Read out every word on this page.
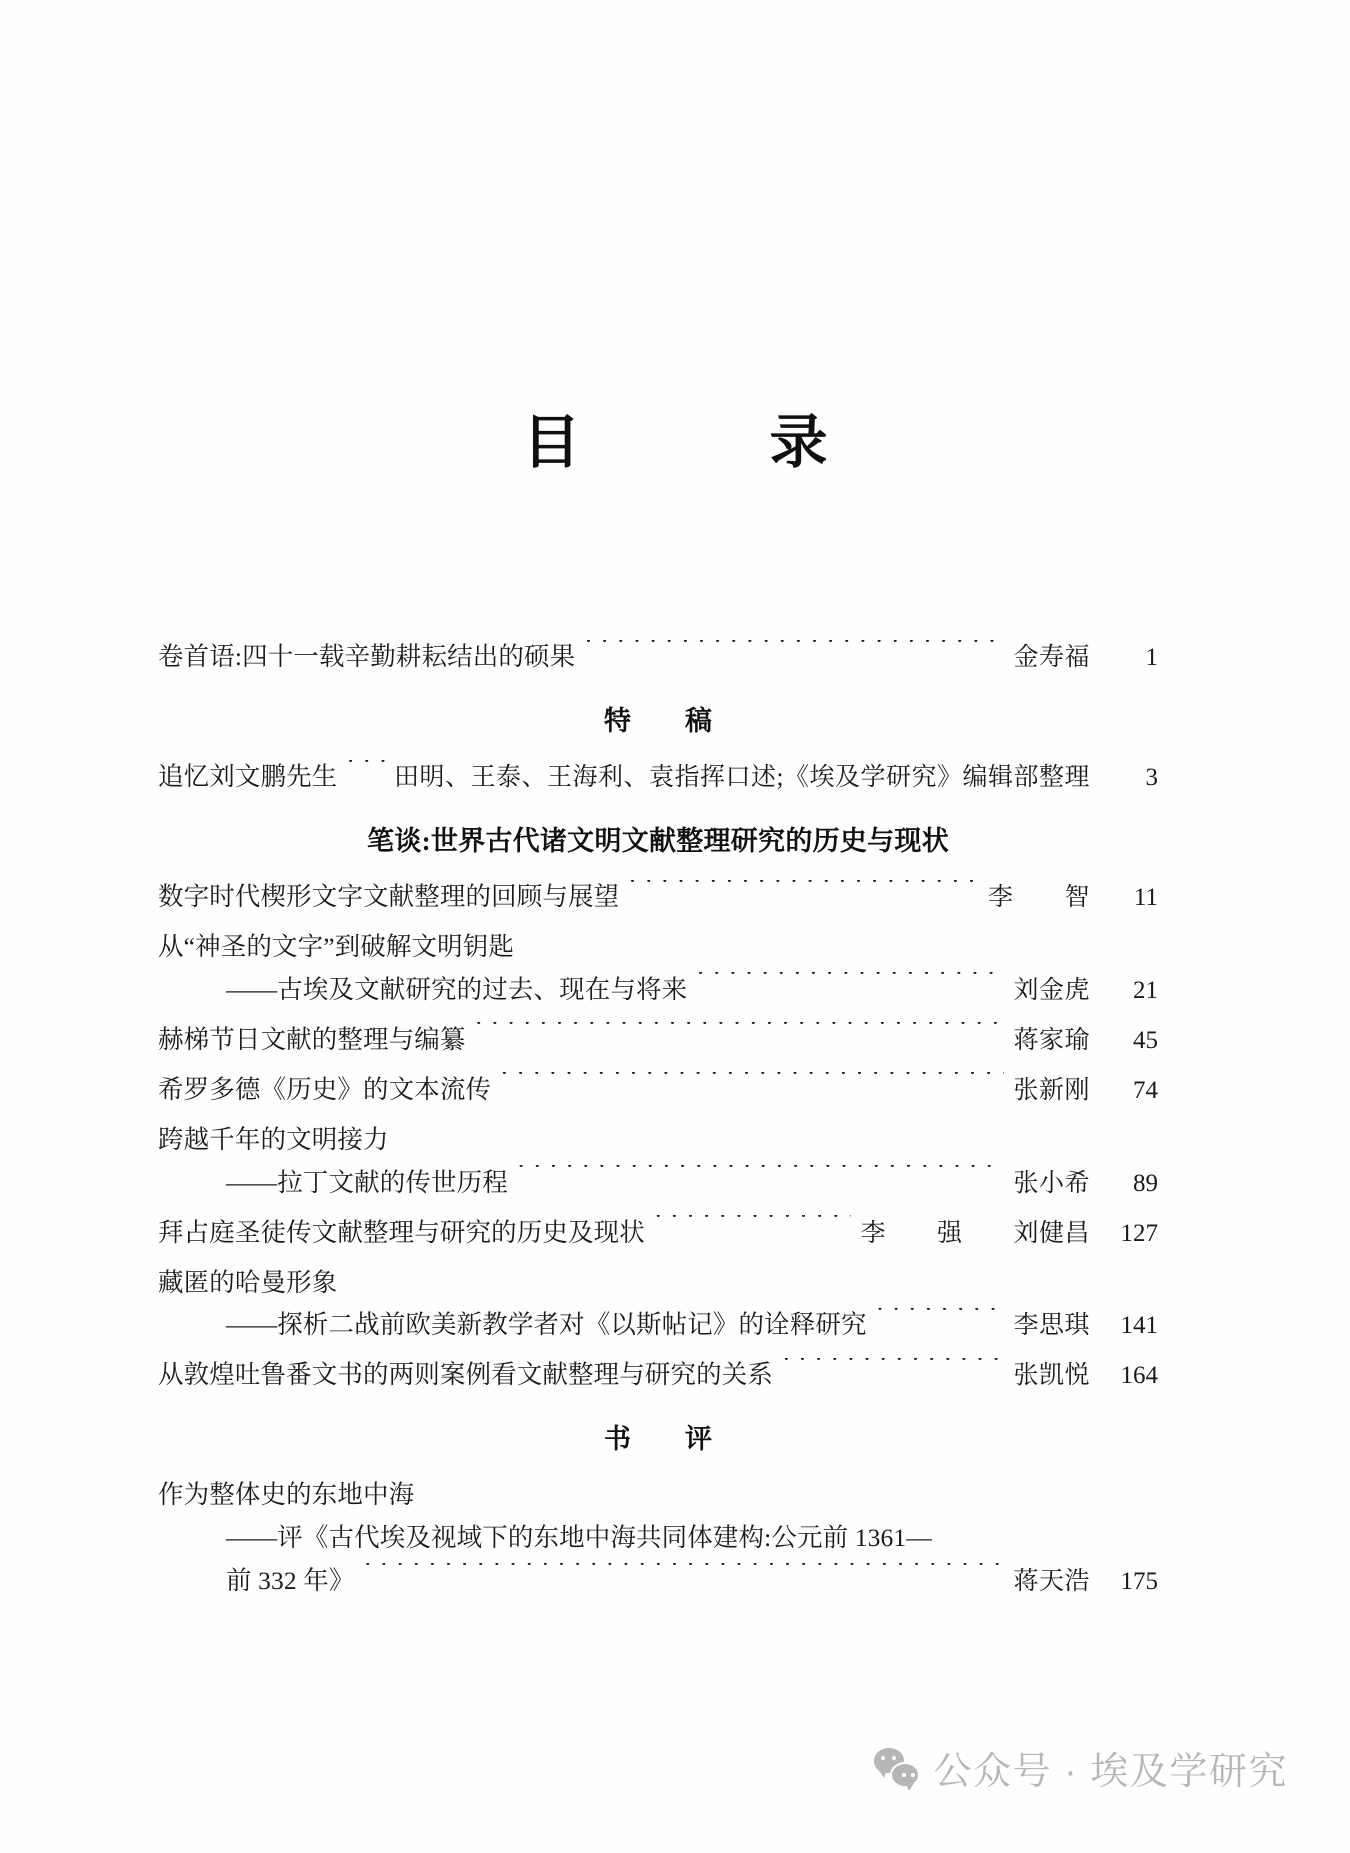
目　　录
卷首语:四十一载辛勤耕耘结出的硕果 ·····	金寿福	1
特　稿
追忆刘文鹏先生 ····· 田明、王泰、王海利、袁指挥口述;《埃及学研究》编辑部整理	3
笔谈:世界古代诸文明文献整理研究的历史与现状
数字时代楔形文字文献整理的回顾与展望 ·····	李　　智	11
从“神圣的文字”到破解文明钥匙
——古埃及文献研究的过去、现在与将来 ·····	刘金虎	21
赫梯节日文献的整理与编纂 ·····	蒋家瑜	45
希罗多德《历史》的文本流传 ·····	张新刚	74
跨越千年的文明接力
——拉丁文献的传世历程 ·····	张小希	89
拜占庭圣徒传文献整理与研究的历史及现状 ·····	李　　强　　刘健昌	127
藏匿的哈曼形象
——探析二战前欧美新教学者对《以斯帖记》的诠释研究 ·····	李思琪	141
从敦煌吐鲁番文书的两则案例看文献整理与研究的关系 ·····	张凯悦	164
书　评
作为整体史的东地中海
——评《古代埃及视域下的东地中海共同体建构:公元前 1361—
前 332 年》 ·····	蒋天浩	175
公众号 · 埃及学研究
